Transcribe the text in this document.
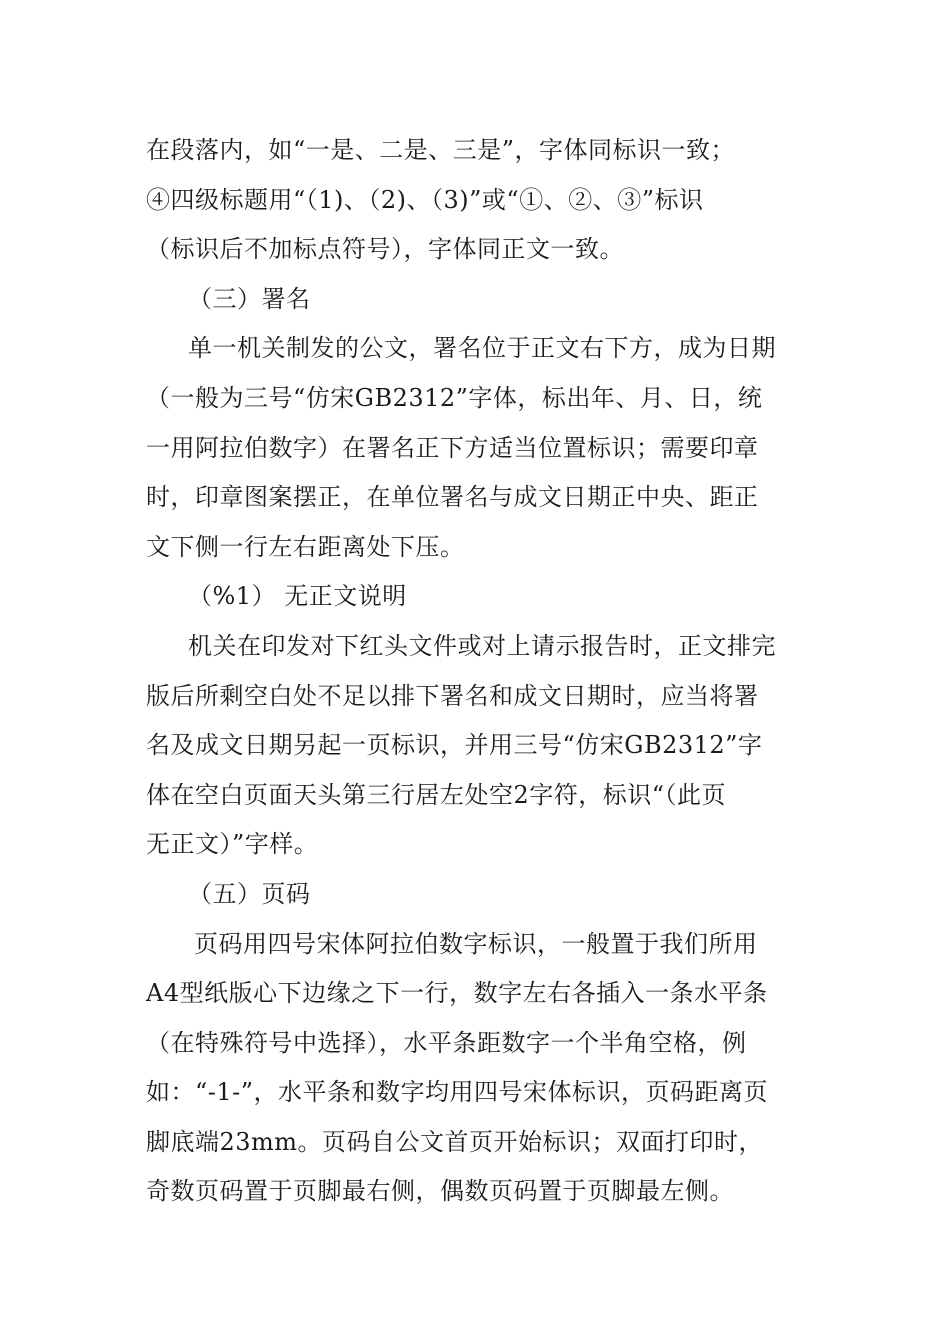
在段落内，如“一是、二是、三是”，字体同标识一致；
④四级标题用“（1)、（2)、（3)”或“①、②、③”标识
（标识后不加标点符号），字体同正文一致。
（三）署名
单一机关制发的公文，署名位于正文右下方，成为日期
（一般为三号“仿宋GB2312”字体，标出年、月、日，统
一用阿拉伯数字）在署名正下方适当位置标识；需要印章
时，印章图案摆正，在单位署名与成文日期正中央、距正
文下侧一行左右距离处下压。
（%1） 无正文说明
机关在印发对下红头文件或对上请示报告时，正文排完
版后所剩空白处不足以排下署名和成文日期时，应当将署
名及成文日期另起一页标识，并用三号“仿宋GB2312”字
体在空白页面天头第三行居左处空2字符，标识“（此页
无正文）”字样。
（五）页码
页码用四号宋体阿拉伯数字标识，一般置于我们所用
A4型纸版心下边缘之下一行，数字左右各插入一条水平条
（在特殊符号中选择），水平条距数字一个半角空格，例
如：“-1-”，水平条和数字均用四号宋体标识，页码距离页
脚底端23mm。页码自公文首页开始标识；双面打印时，
奇数页码置于页脚最右侧，偶数页码置于页脚最左侧。
